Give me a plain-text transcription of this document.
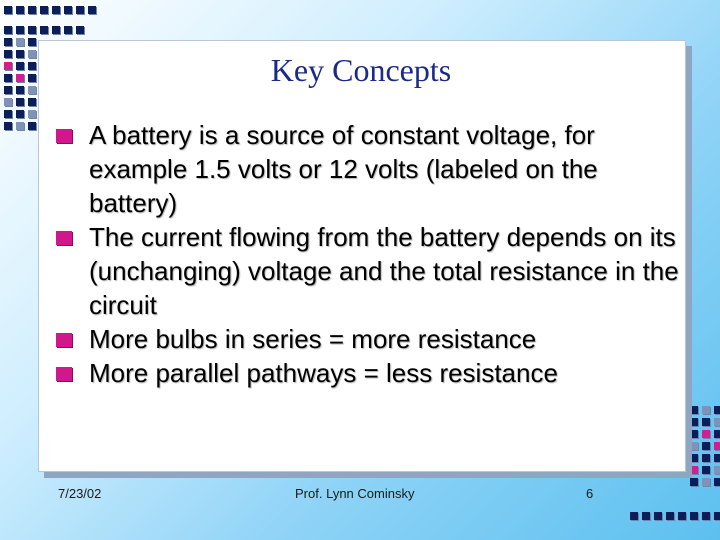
Key Concepts
A battery is a source of constant voltage, for example 1.5 volts or 12 volts (labeled on the battery)
The current flowing from the battery depends on its (unchanging) voltage and the total resistance in the circuit
More bulbs in series = more resistance
More parallel pathways = less resistance
7/23/02	Prof. Lynn Cominsky	6
